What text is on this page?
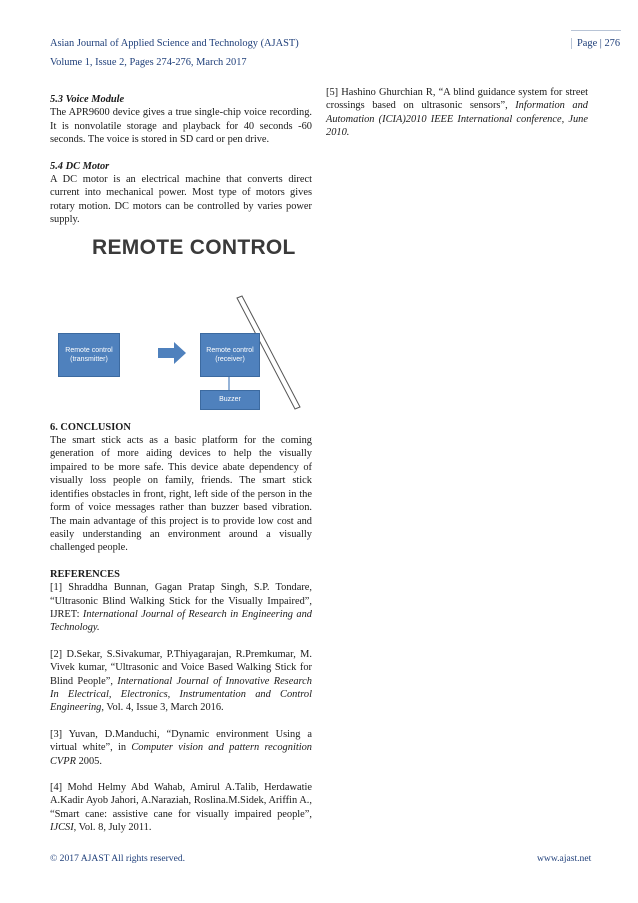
Asian Journal of Applied Science and Technology (AJAST)
Volume 1, Issue 2, Pages 274-276, March 2017
Page | 276

5.3 Voice Module

The APR9600 device gives a true single-chip voice recording. It is nonvolatile storage and playback for 40 seconds -60 seconds. The voice is stored in SD card or pen drive.

5.4 DC Motor

A DC motor is an electrical machine that converts direct current into mechanical power. Most type of motors gives rotary motion. DC motors can be controlled by varies power supply.

REMOTE CONTROL
Remote control (transmitter)
Remote control (receiver)
Buzzer

6. CONCLUSION

The smart stick acts as a basic platform for the coming generation of more aiding devices to help the visually impaired to be more safe. This device abate dependency of visually loss people on family, friends. The smart stick identifies obstacles in front, right, left side of the person in the form of voice messages rather than buzzer based vibration. The main advantage of this project is to provide low cost and easily understanding an environment around a visually challenged people.

REFERENCES

[1] Shraddha Bunnan, Gagan Pratap Singh, S.P. Tondare, “Ultrasonic Blind Walking Stick for the Visually Impaired”, IJRET: International Journal of Research in Engineering and Technology.

[2] D.Sekar, S.Sivakumar, P.Thiyagarajan, R.Premkumar, M. Vivek kumar, “Ultrasonic and Voice Based Walking Stick for Blind People”, International Journal of Innovative Research In Electrical, Electronics, Instrumentation and Control Engineering, Vol. 4, Issue 3, March 2016.

[3] Yuvan, D.Manduchi, “Dynamic environment Using a virtual white”, in Computer vision and pattern recognition CVPR 2005.

[4] Mohd Helmy Abd Wahab, Amirul A.Talib, Herdawatie A.Kadir Ayob Jahori, A.Naraziah, Roslina.M.Sidek, Ariffin A., “Smart cane: assistive cane for visually impaired people”, IJCSI, Vol. 8, July 2011.

[5] Hashino Ghurchian R, “A blind guidance system for street crossings based on ultrasonic sensors”, Information and Automation (ICIA)2010 IEEE International conference, June 2010.

© 2017 AJAST All rights reserved.	www.ajast.net
